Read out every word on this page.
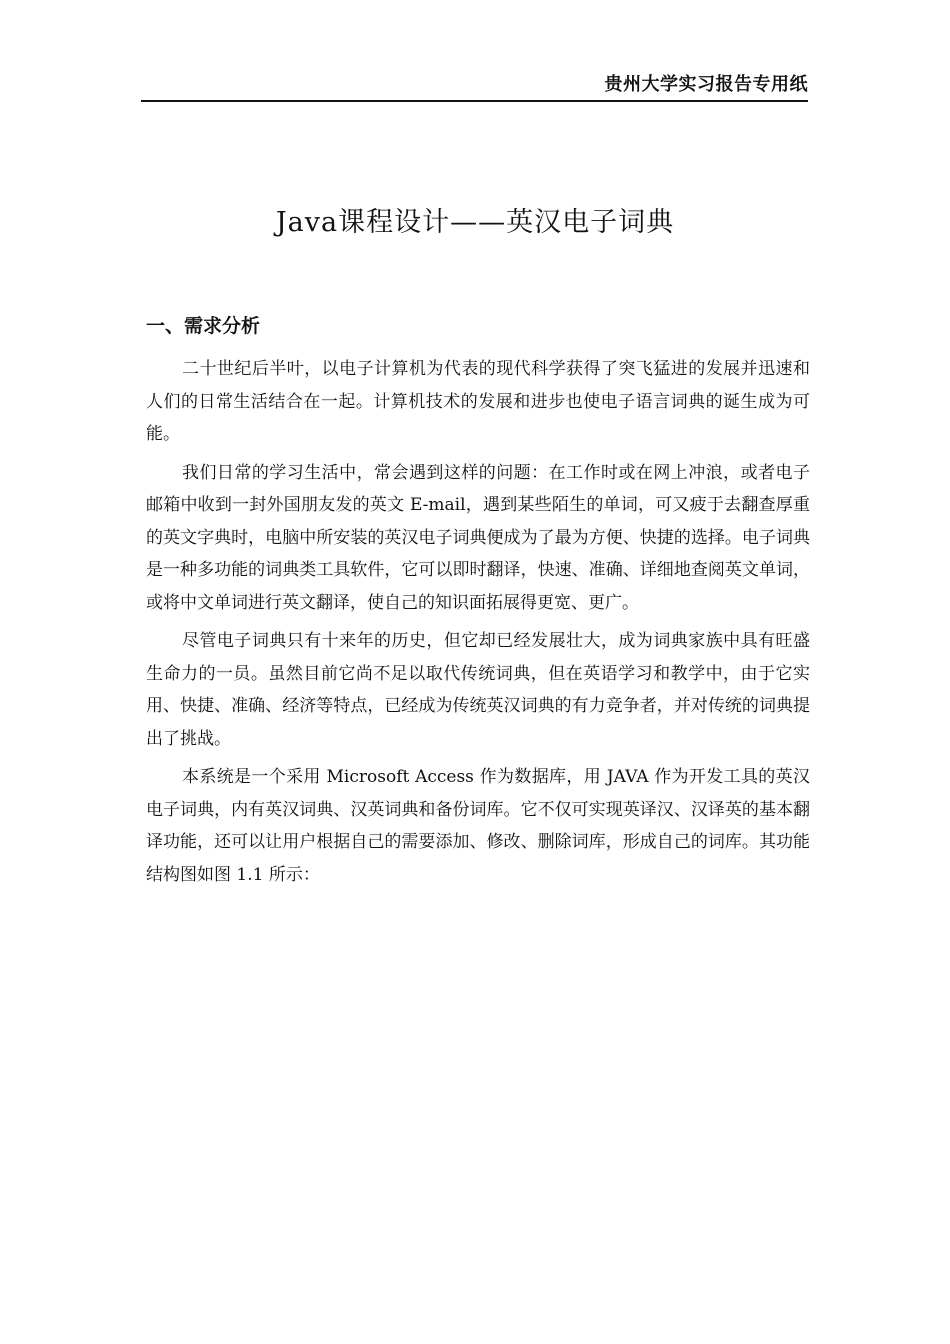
贵州大学实习报告专用纸
Java课程设计——英汉电子词典
一、需求分析

二十世纪后半叶，以电子计算机为代表的现代科学获得了突飞猛进的发展并迅速和人们的日常生活结合在一起。计算机技术的发展和进步也使电子语言词典的诞生成为可能。

我们日常的学习生活中，常会遇到这样的问题：在工作时或在网上冲浪，或者电子邮箱中收到一封外国朋友发的英文 E-mail，遇到某些陌生的单词，可又疲于去翻查厚重的英文字典时，电脑中所安装的英汉电子词典便成为了最为方便、快捷的选择。电子词典是一种多功能的词典类工具软件，它可以即时翻译，快速、准确、详细地查阅英文单词，或将中文单词进行英文翻译，使自己的知识面拓展得更宽、更广。

尽管电子词典只有十来年的历史，但它却已经发展壮大，成为词典家族中具有旺盛生命力的一员。虽然目前它尚不足以取代传统词典，但在英语学习和教学中，由于它实用、快捷、准确、经济等特点，已经成为传统英汉词典的有力竞争者，并对传统的词典提出了挑战。

本系统是一个采用 Microsoft Access 作为数据库，用 JAVA 作为开发工具的英汉电子词典，内有英汉词典、汉英词典和备份词库。它不仅可实现英译汉、汉译英的基本翻译功能，还可以让用户根据自己的需要添加、修改、删除词库，形成自己的词库。其功能结构图如图 1.1 所示：
